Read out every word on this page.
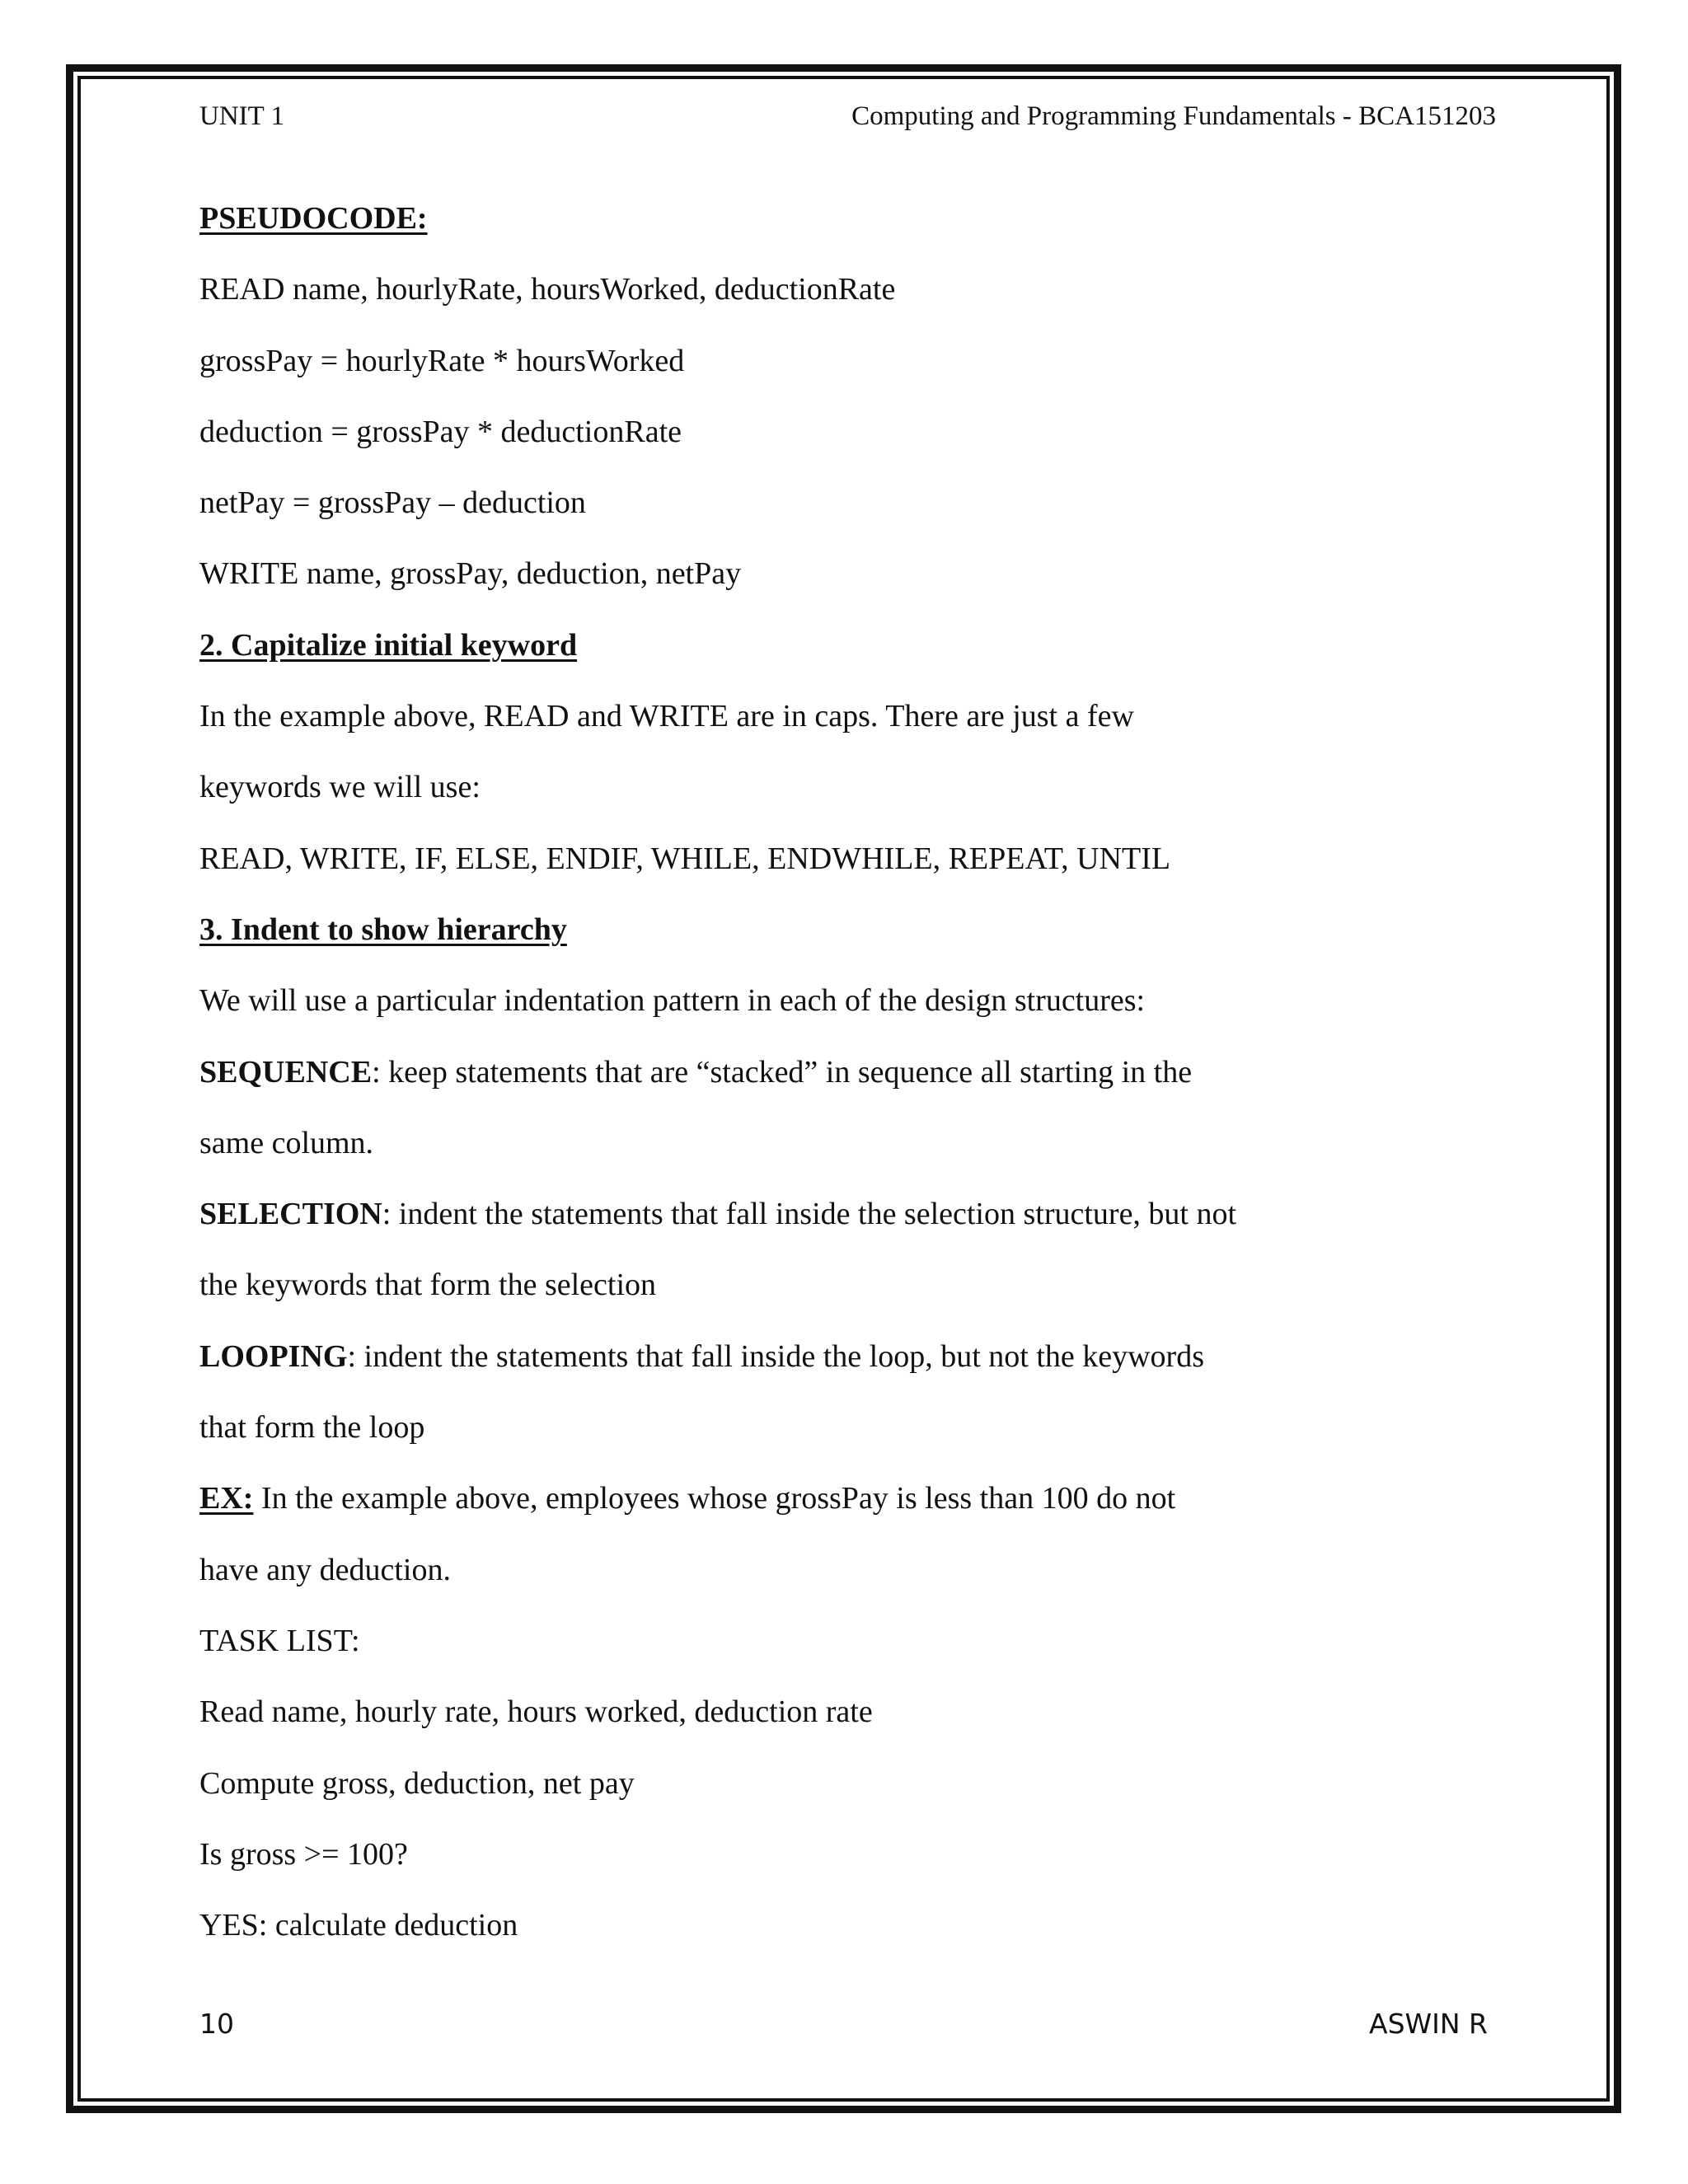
UNIT 1	Computing and Programming Fundamentals - BCA151203
PSEUDOCODE:
READ name, hourlyRate, hoursWorked, deductionRate
grossPay = hourlyRate * hoursWorked
deduction = grossPay * deductionRate
netPay = grossPay – deduction
WRITE name, grossPay, deduction, netPay
2. Capitalize initial keyword
In the example above, READ and WRITE are in caps. There are just a few
keywords we will use:
READ, WRITE, IF, ELSE, ENDIF, WHILE, ENDWHILE, REPEAT, UNTIL
3. Indent to show hierarchy
We will use a particular indentation pattern in each of the design structures:
SEQUENCE: keep statements that are “stacked” in sequence all starting in the
same column.
SELECTION: indent the statements that fall inside the selection structure, but not
the keywords that form the selection
LOOPING: indent the statements that fall inside the loop, but not the keywords
that form the loop
EX: In the example above, employees whose grossPay is less than 100 do not
have any deduction.
TASK LIST:
Read name, hourly rate, hours worked, deduction rate
Compute gross, deduction, net pay
Is gross >= 100?
YES: calculate deduction
10	ASWIN R
